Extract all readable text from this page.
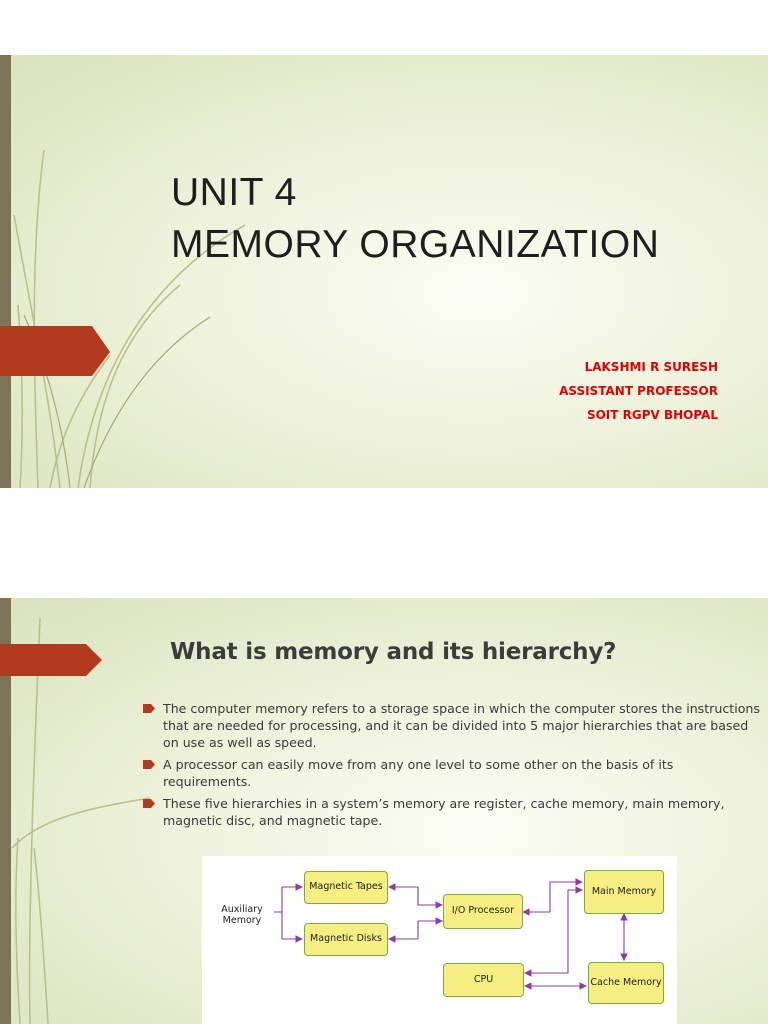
UNIT 4
MEMORY ORGANIZATION
LAKSHMI R SURESH
ASSISTANT PROFESSOR
SOIT RGPV BHOPAL
What is memory and its hierarchy?
The computer memory refers to a storage space in which the computer stores the instructions that are needed for processing, and it can be divided into 5 major hierarchies that are based on use as well as speed.
A processor can easily move from any one level to some other on the basis of its requirements.
These five hierarchies in a system’s memory are register, cache memory, main memory, magnetic disc, and magnetic tape.
Auxiliary Memory
Magnetic Tapes
Magnetic Disks
I/O Processor
Main Memory
CPU	Cache Memory
